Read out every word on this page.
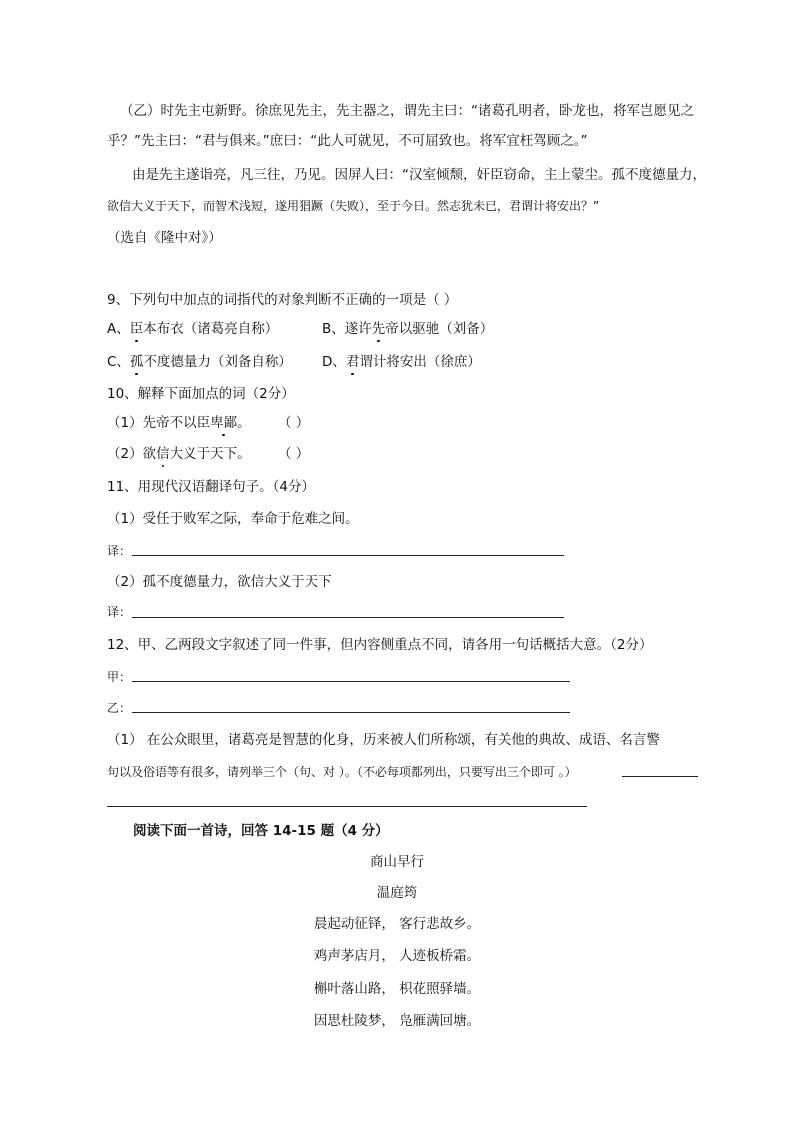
（乙）时先主屯新野。徐庶见先主，先主器之，谓先主曰：“诸葛孔明者，卧龙也，将军岂愿见之
乎？”先主曰：“君与俱来。”庶曰：“此人可就见，不可屈致也。将军宜枉驾顾之。”
由是先主遂诣亮，凡三往，乃见。因屏人曰：“汉室倾颓，奸臣窃命，主上蒙尘。孤不度德量力，
欲信大义于天下，而智术浅短，遂用猖蹶（失败），至于今日。然志犹未已，君谓计将安出？”
（选自《隆中对》）
9、下列句中加点的词指代的对象判断不正确的一项是（ ）
A、臣本布衣（诸葛亮自称）	B、遂许先帝以驱驰（刘备）
C、孤不度德量力（刘备自称） D、君谓计将安出（徐庶）
10、解释下面加点的词（2分）
（1）先帝不以臣卑鄙。 （ ）
（2）欲信大义于天下。 （ ）
11、用现代汉语翻译句子。（4分）
（1）受任于败军之际，奉命于危难之间。
译：
（2）孤不度德量力，欲信大义于天下
译：
12、甲、乙两段文字叙述了同一件事，但内容侧重点不同，请各用一句话概括大意。（2分）
甲：
乙：
（1） 在公众眼里，诸葛亮是智慧的化身，历来被人们所称颂，有关他的典故、成语、名言警
句以及俗语等有很多，请列举三个（句、对 ）。（不必每项都列出，只要写出三个即可 。）
阅读下面一首诗，回答 14-15 题（4 分）
商山早行
温庭筠
晨起动征铎， 客行悲故乡。
鸡声茅店月， 人迹板桥霜。
槲叶落山路， 枳花照驿墙。
因思杜陵梦， 凫雁满回塘。
